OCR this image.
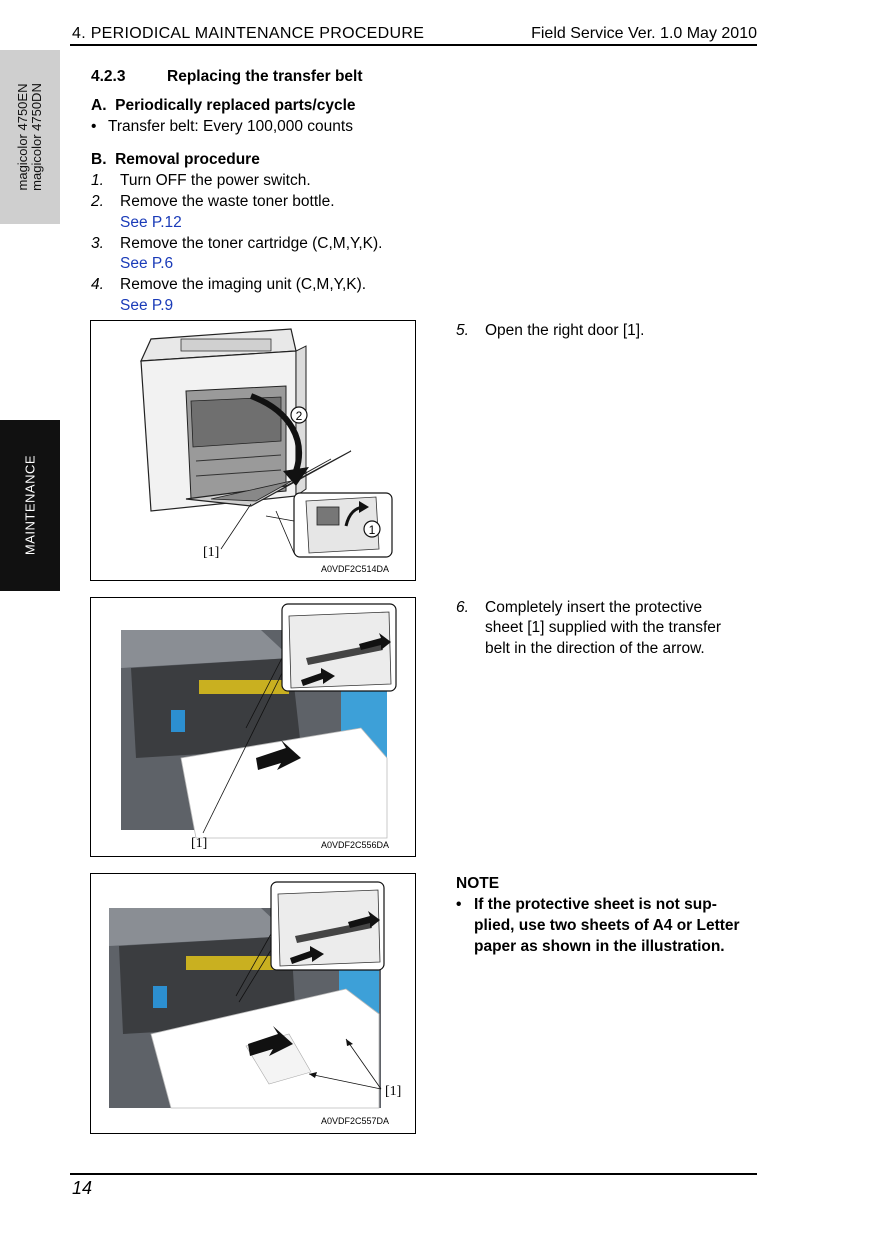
4. PERIODICAL MAINTENANCE PROCEDURE	Field Service Ver. 1.0 May 2010
magicolor 4750EN magicolor 4750DN
MAINTENANCE
4.2.3	Replacing the transfer belt
A.  Periodically replaced parts/cycle
• Transfer belt: Every 100,000 counts
B.  Removal procedure
1. Turn OFF the power switch.
2. Remove the waste toner bottle.
See P.12
3. Remove the toner cartridge (C,M,Y,K).
See P.6
4. Remove the imaging unit (C,M,Y,K).
See P.9
2
1
[1]
A0VDF2C514DA
5. Open the right door [1].
[1]	A0VDF2C556DA
6. Completely insert the protective
sheet [1] supplied with the transfer
belt in the direction of the arrow.
[1]
A0VDF2C557DA
NOTE
• If the protective sheet is not sup-
plied, use two sheets of A4 or Letter
paper as shown in the illustration.
14
